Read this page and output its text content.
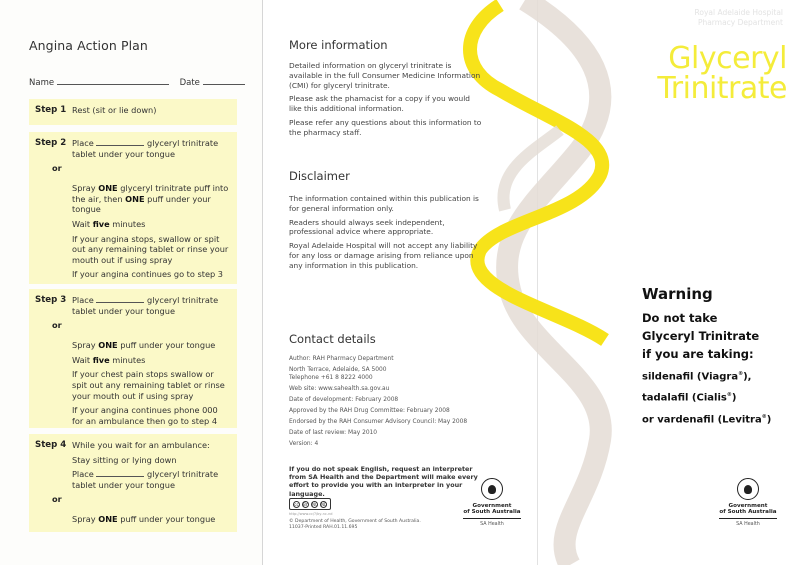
Angina Action Plan
Name	Date
Step 1 Rest (sit or lie down)
Step 2 Place	glyceryl trinitrate tablet under your tongue
or
Spray ONE glyceryl trinitrate puff into the air, then ONE puff under your tongue
Wait five minutes
If your angina stops, swallow or spit out any remaining tablet or rinse your mouth out if using spray
If your angina continues go to step 3
Step 3 Place	glyceryl trinitrate tablet under your tongue
or
Spray ONE puff under your tongue
Wait five minutes
If your chest pain stops swallow or spit out any remaining tablet or rinse your mouth out if using spray
If your angina continues phone 000 for an ambulance then go to step 4
Step 4 While you wait for an ambulance:
Stay sitting or lying down
Place	glyceryl trinitrate tablet under your tongue
or
Spray ONE puff under your tongue
More information

Detailed information on glyceryl trinitrate is available in the full Consumer Medicine Information (CMI) for glyceryl trinitrate.

Please ask the phamacist for a copy if you would like this additional information.

Please refer any questions about this information to the pharmacy staff.

Disclaimer

The information contained within this publication is for general information only.

Readers should always seek independent, professional advice where appropriate.

Royal Adelaide Hospital will not accept any liability for any loss or damage arising from reliance upon any information in this publication.

Contact details
Author: RAH Pharmacy Department
North Terrace, Adelaide, SA 5000
Telephone +61 8 8222 4000
Web site: www.sahealth.sa.gov.au
Date of development: February 2008
Approved by the RAH Drug Committee: February 2008
Endorsed by the RAH Consumer Advisory Council: May 2008
Date of last review: May 2010
Version: 4
If you do not speak English, request an interpreter from SA Health and the Department will make every effort to provide you with an interpreter in your language.
cc	BY NC ND
http://www.cc/?/by-nc-nd
© Department of Health, Government of South Australia.
11037-Printed RAH.01.11.695
Government
of South Australia
SA Health
Royal Adelaide Hospital
Pharmacy Department
Glyceryl
Trinitrate
Warning
Do not take
Glyceryl Trinitrate
if you are taking:
sildenafil (Viagra®),
tadalafil (Cialis®)
or vardenafil (Levitra®)
Government
of South Australia
SA Health
